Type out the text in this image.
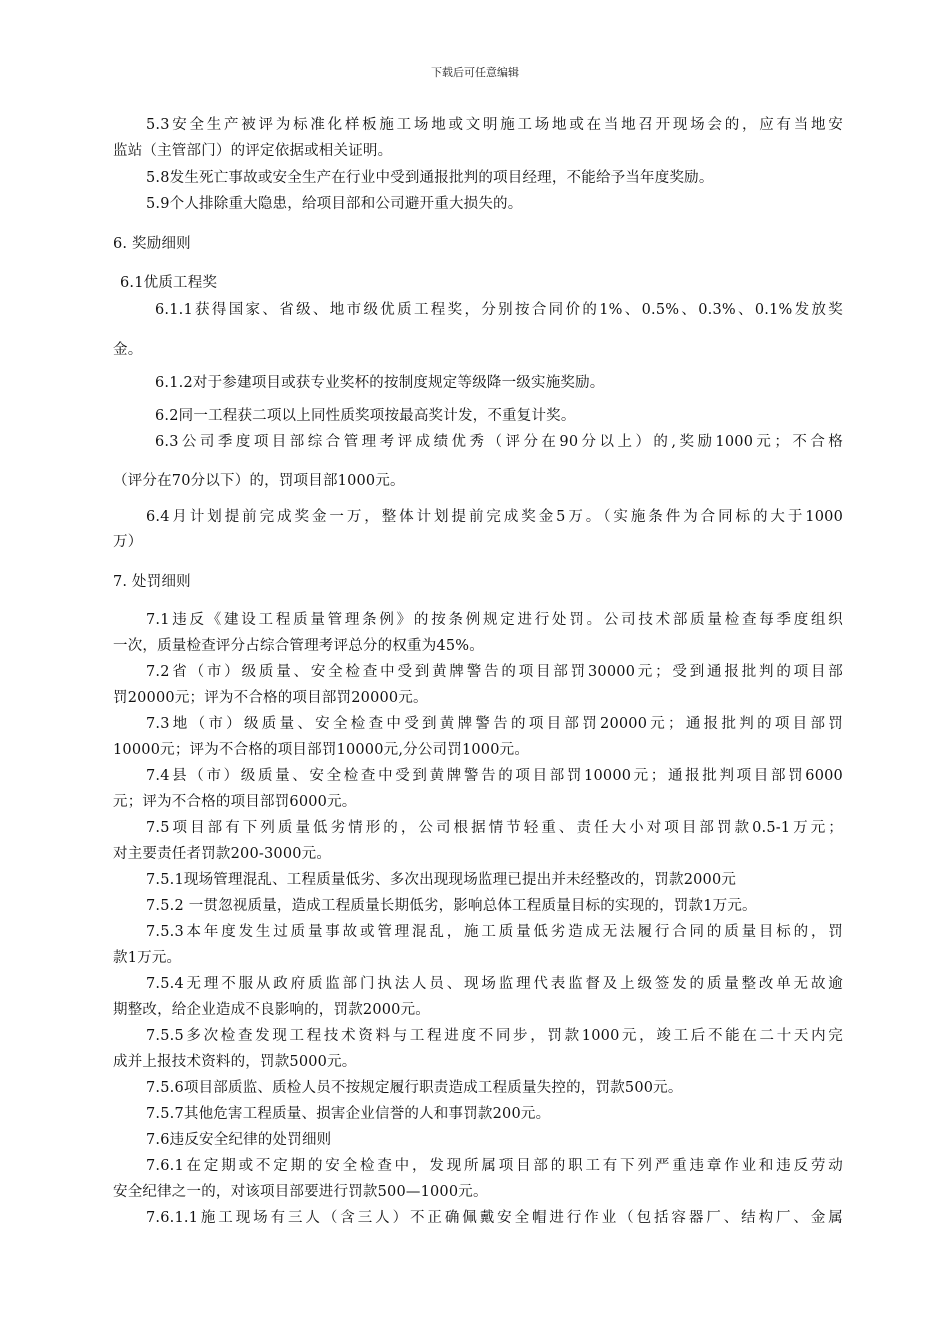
下载后可任意编辑
5.3安全生产被评为标准化样板施工场地或文明施工场地或在当地召开现场会的，应有当地安
监站（主管部门）的评定依据或相关证明。
5.8发生死亡事故或安全生产在行业中受到通报批判的项目经理，不能给予当年度奖励。
5.9个人排除重大隐患，给项目部和公司避开重大损失的。
6. 奖励细则
6.1优质工程奖
6.1.1获得国家、省级、地市级优质工程奖，分别按合同价的1%、0.5%、0.3%、0.1%发放奖
金。
6.1.2对于参建项目或获专业奖杯的按制度规定等级降一级实施奖励。
6.2同一工程获二项以上同性质奖项按最高奖计发，不重复计奖。
6.3公司季度项目部综合管理考评成绩优秀（评分在90分以上）的,奖励1000元；不合格
（评分在70分以下）的，罚项目部1000元。
6.4月计划提前完成奖金一万，整体计划提前完成奖金5万。（实施条件为合同标的大于1000
万）
7. 处罚细则
7.1违反《建设工程质量管理条例》的按条例规定进行处罚。公司技术部质量检查每季度组织
一次，质量检查评分占综合管理考评总分的权重为45%。
7.2省（市）级质量、安全检查中受到黄牌警告的项目部罚30000元；受到通报批判的项目部
罚20000元；评为不合格的项目部罚20000元。
7.3地（市）级质量、安全检查中受到黄牌警告的项目部罚20000元；通报批判的项目部罚
10000元；评为不合格的项目部罚10000元,分公司罚1000元。
7.4县（市）级质量、安全检查中受到黄牌警告的项目部罚10000元；通报批判项目部罚6000
元；评为不合格的项目部罚6000元。
7.5项目部有下列质量低劣情形的，公司根据情节轻重、责任大小对项目部罚款0.5-1万元；
对主要责任者罚款200-3000元。
7.5.1现场管理混乱、工程质量低劣、多次出现现场监理已提出并未经整改的，罚款2000元
7.5.2 一贯忽视质量，造成工程质量长期低劣，影响总体工程质量目标的实现的，罚款1万元。
7.5.3本年度发生过质量事故或管理混乱，施工质量低劣造成无法履行合同的质量目标的，罚
款1万元。
7.5.4无理不服从政府质监部门执法人员、现场监理代表监督及上级签发的质量整改单无故逾
期整改，给企业造成不良影响的，罚款2000元。
7.5.5多次检查发现工程技术资料与工程进度不同步，罚款1000元，竣工后不能在二十天内完
成并上报技术资料的，罚款5000元。
7.5.6项目部质监、质检人员不按规定履行职责造成工程质量失控的，罚款500元。
7.5.7其他危害工程质量、损害企业信誉的人和事罚款200元。
7.6违反安全纪律的处罚细则
7.6.1在定期或不定期的安全检查中，发现所属项目部的职工有下列严重违章作业和违反劳动
安全纪律之一的，对该项目部要进行罚款500—1000元。
7.6.1.1施工现场有三人（含三人）不正确佩戴安全帽进行作业（包括容器厂、结构厂、金属
